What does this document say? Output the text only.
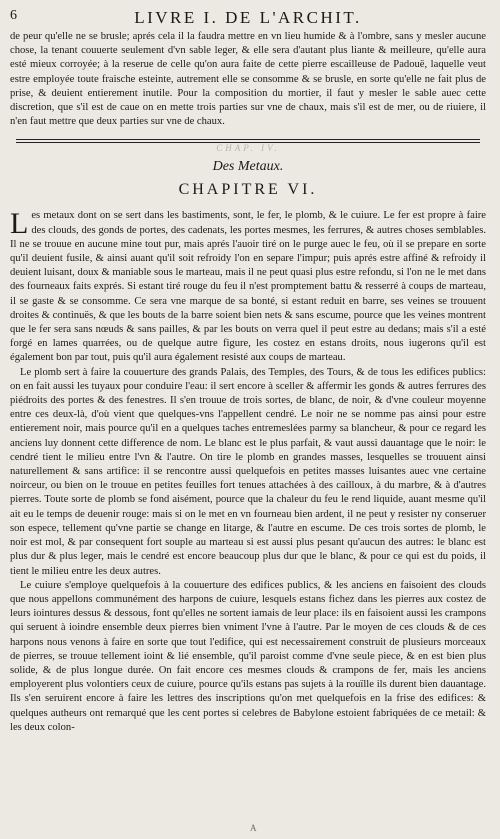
6	LIVRE I. DE L'ARCHIT.

de peur qu'elle ne se brusle; aprés cela il la faudra mettre en vn lieu humide & à l'ombre, sans y mesler aucune chose, la tenant couuerte seulement d'vn sable leger, & elle sera d'autant plus liante & meilleure, qu'elle aura esté mieux corroyée; à la reserue de celle qu'on aura faite de cette pierre escailleuse de Padouë, laquelle veut estre employée toute fraische esteinte, autrement elle se consomme & se brusle, en sorte qu'elle ne fait plus de prise, & deuient entierement inutile. Pour la composition du mortier, il faut y mesler le sable auec cette discretion, que s'il est de caue on en mette trois parties sur vne de chaux, mais s'il est de mer, ou de riuiere, il n'en faut mettre que deux parties sur vne de chaux.

CHAP. IV.
Des Metaux.
CHAPITRE VI.

Les metaux dont on se sert dans les bastiments, sont, le fer, le plomb, & le cuiure. Le fer est propre à faire des clouds, des gonds de portes, des cadenats, les portes mesmes, les ferrures, & autres choses semblables. Il ne se trouue en aucune mine tout pur, mais aprés l'auoir tiré on le purge auec le feu, où il se prepare en sorte qu'il deuient fusile, & ainsi auant qu'il soit refroidy l'on en separe l'impur; puis aprés estre affiné & refroidy il deuient luisant, doux & maniable sous le marteau, mais il ne peut quasi plus estre refondu, si l'on ne le met dans des fourneaux faits exprés. Si estant tiré rouge du feu il n'est promptement battu & resserré à coups de marteau, il se gaste & se consomme. Ce sera vne marque de sa bonté, si estant reduit en barre, ses veines se trouuent droites & continuës, & que les bouts de la barre soient bien nets & sans escume, pource que les veines montrent que le fer sera sans nœuds & sans pailles, & par les bouts on verra quel il peut estre au dedans; mais s'il a esté forgé en lames quarrées, ou de quelque autre figure, les costez en estans droits, nous iugerons qu'il est également bon par tout, puis qu'il aura également resisté aux coups de marteau.

Le plomb sert à faire la couuerture des grands Palais, des Temples, des Tours, & de tous les edifices publics: on en fait aussi les tuyaux pour conduire l'eau: il sert encore à sceller & affermir les gonds & autres ferrures des piédroits des portes & des fenestres. Il s'en trouue de trois sortes, de blanc, de noir, & d'vne couleur moyenne entre ces deux-là, d'où vient que quelques-vns l'appellent cendré. Le noir ne se nomme pas ainsi pour estre entierement noir, mais pource qu'il en a quelques taches entremeslées parmy sa blancheur, & pour ce regard les anciens luy donnent cette difference de nom. Le blanc est le plus parfait, & vaut aussi dauantage que le noir: le cendré tient le milieu entre l'vn & l'autre. On tire le plomb en grandes masses, lesquelles se trouuent ainsi naturellement & sans artifice: il se rencontre aussi quelquefois en petites masses luisantes auec vne certaine noirceur, ou bien on le trouue en petites feuilles fort tenues attachées à des cailloux, à du marbre, & à d'autres pierres. Toute sorte de plomb se fond aisément, pource que la chaleur du feu le rend liquide, auant mesme qu'il ait eu le temps de deuenir rouge: mais si on le met en vn fourneau bien ardent, il ne peut y resister ny conseruer son espece, tellement qu'vne partie se change en litarge, & l'autre en escume. De ces trois sortes de plomb, le noir est mol, & par consequent fort souple au marteau si est aussi plus pesant qu'aucun des autres: le blanc est plus dur & plus leger, mais le cendré est encore beaucoup plus dur que le blanc, & pour ce qui est du poids, il tient le milieu entre les deux autres.

Le cuiure s'employe quelquefois à la couuerture des edifices publics, & les anciens en faisoient des clouds que nous appellons communément des harpons de cuiure, lesquels estans fichez dans les pierres aux costez de leurs iointures dessus & dessous, font qu'elles ne sortent iamais de leur place: ils en faisoient aussi les crampons qui seruent à ioindre ensemble deux pierres bien vniment l'vne à l'autre. Par le moyen de ces clouds & de ces harpons nous venons à faire en sorte que tout l'edifice, qui est necessairement construit de plusieurs morceaux de pierres, se trouue tellement ioint & lié ensemble, qu'il paroist comme d'vne seule piece, & en est bien plus solide, & de plus longue durée. On fait encore ces mesmes clouds & crampons de fer, mais les anciens employerent plus volontiers ceux de cuiure, pource qu'ils estans pas sujets à la rouïlle ils durent bien dauantage. Ils s'en seruirent encore à faire les lettres des inscriptions qu'on met quelquefois en la frise des edifices: & quelques autheurs ont remarqué que les cent portes si celebres de Babylone estoient fabriquées de ce metail: & les deux colon-

A
